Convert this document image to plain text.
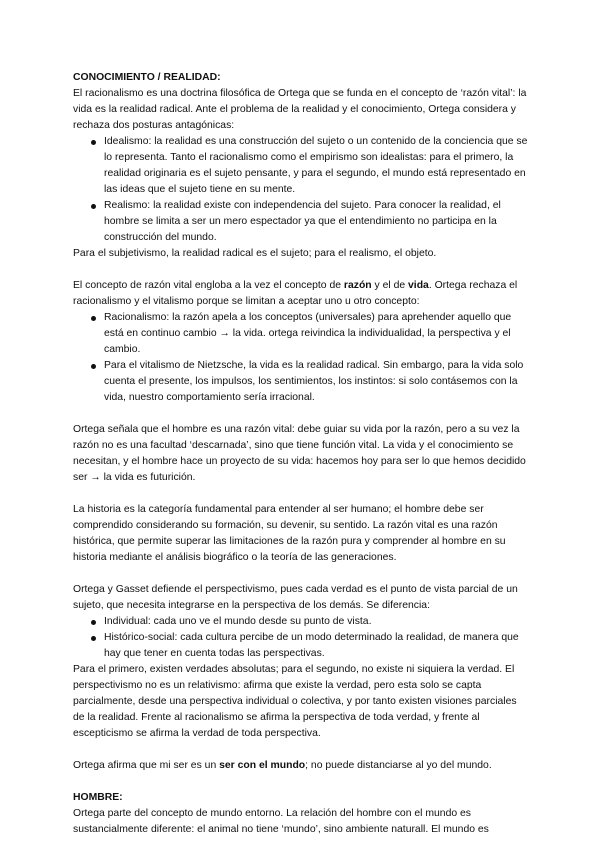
CONOCIMIENTO / REALIDAD:

El racionalismo es una doctrina filosófica de Ortega que se funda en el concepto de ‘razón vital’: la vida es la realidad radical. Ante el problema de la realidad y el conocimiento, Ortega considera y rechaza dos posturas antagónicas:

Idealismo: la realidad es una construcción del sujeto o un contenido de la conciencia que se lo representa. Tanto el racionalismo como el empirismo son idealistas: para el primero, la realidad originaria es el sujeto pensante, y para el segundo, el mundo está representado en las ideas que el sujeto tiene en su mente.
Realismo: la realidad existe con independencia del sujeto. Para conocer la realidad, el hombre se limita a ser un mero espectador ya que el entendimiento no participa en la construcción del mundo.

Para el subjetivismo, la realidad radical es el sujeto; para el realismo, el objeto.

El concepto de razón vital engloba a la vez el concepto de razón y el de vida. Ortega rechaza el racionalismo y el vitalismo porque se limitan a aceptar uno u otro concepto:

Racionalismo: la razón apela a los conceptos (universales) para aprehender aquello que está en continuo cambio → la vida. ortega reivindica la individualidad, la perspectiva y el cambio.
Para el vitalismo de Nietzsche, la vida es la realidad radical. Sin embargo, para la vida solo cuenta el presente, los impulsos, los sentimientos, los instintos: si solo contásemos con la vida, nuestro comportamiento sería irracional.

Ortega señala que el hombre es una razón vital: debe guiar su vida por la razón, pero a su vez la razón no es una facultad ‘descarnada’, sino que tiene función vital. La vida y el conocimiento se necesitan, y el hombre hace un proyecto de su vida: hacemos hoy para ser lo que hemos decidido ser → la vida es futurición.

La historia es la categoría fundamental para entender al ser humano; el hombre debe ser comprendido considerando su formación, su devenir, su sentido. La razón vital es una razón histórica, que permite superar las limitaciones de la razón pura y comprender al hombre en su historia mediante el análisis biográfico o la teoría de las generaciones.

Ortega y Gasset defiende el perspectivismo, pues cada verdad es el punto de vista parcial de un sujeto, que necesita integrarse en la perspectiva de los demás. Se diferencia:

Individual: cada uno ve el mundo desde su punto de vista.
Histórico-social: cada cultura percibe de un modo determinado la realidad, de manera que hay que tener en cuenta todas las perspectivas.

Para el primero, existen verdades absolutas; para el segundo, no existe ni siquiera la verdad. El perspectivismo no es un relativismo: afirma que existe la verdad, pero esta solo se capta parcialmente, desde una perspectiva individual o colectiva, y por tanto existen visiones parciales de la realidad. Frente al racionalismo se afirma la perspectiva de toda verdad, y frente al escepticismo se afirma la verdad de toda perspectiva.

Ortega afirma que mi ser es un ser con el mundo; no puede distanciarse al yo del mundo.

HOMBRE:

Ortega parte del concepto de mundo entorno. La relación del hombre con el mundo es sustancialmente diferente: el animal no tiene ‘mundo’, sino ambiente naturall. El mundo es
